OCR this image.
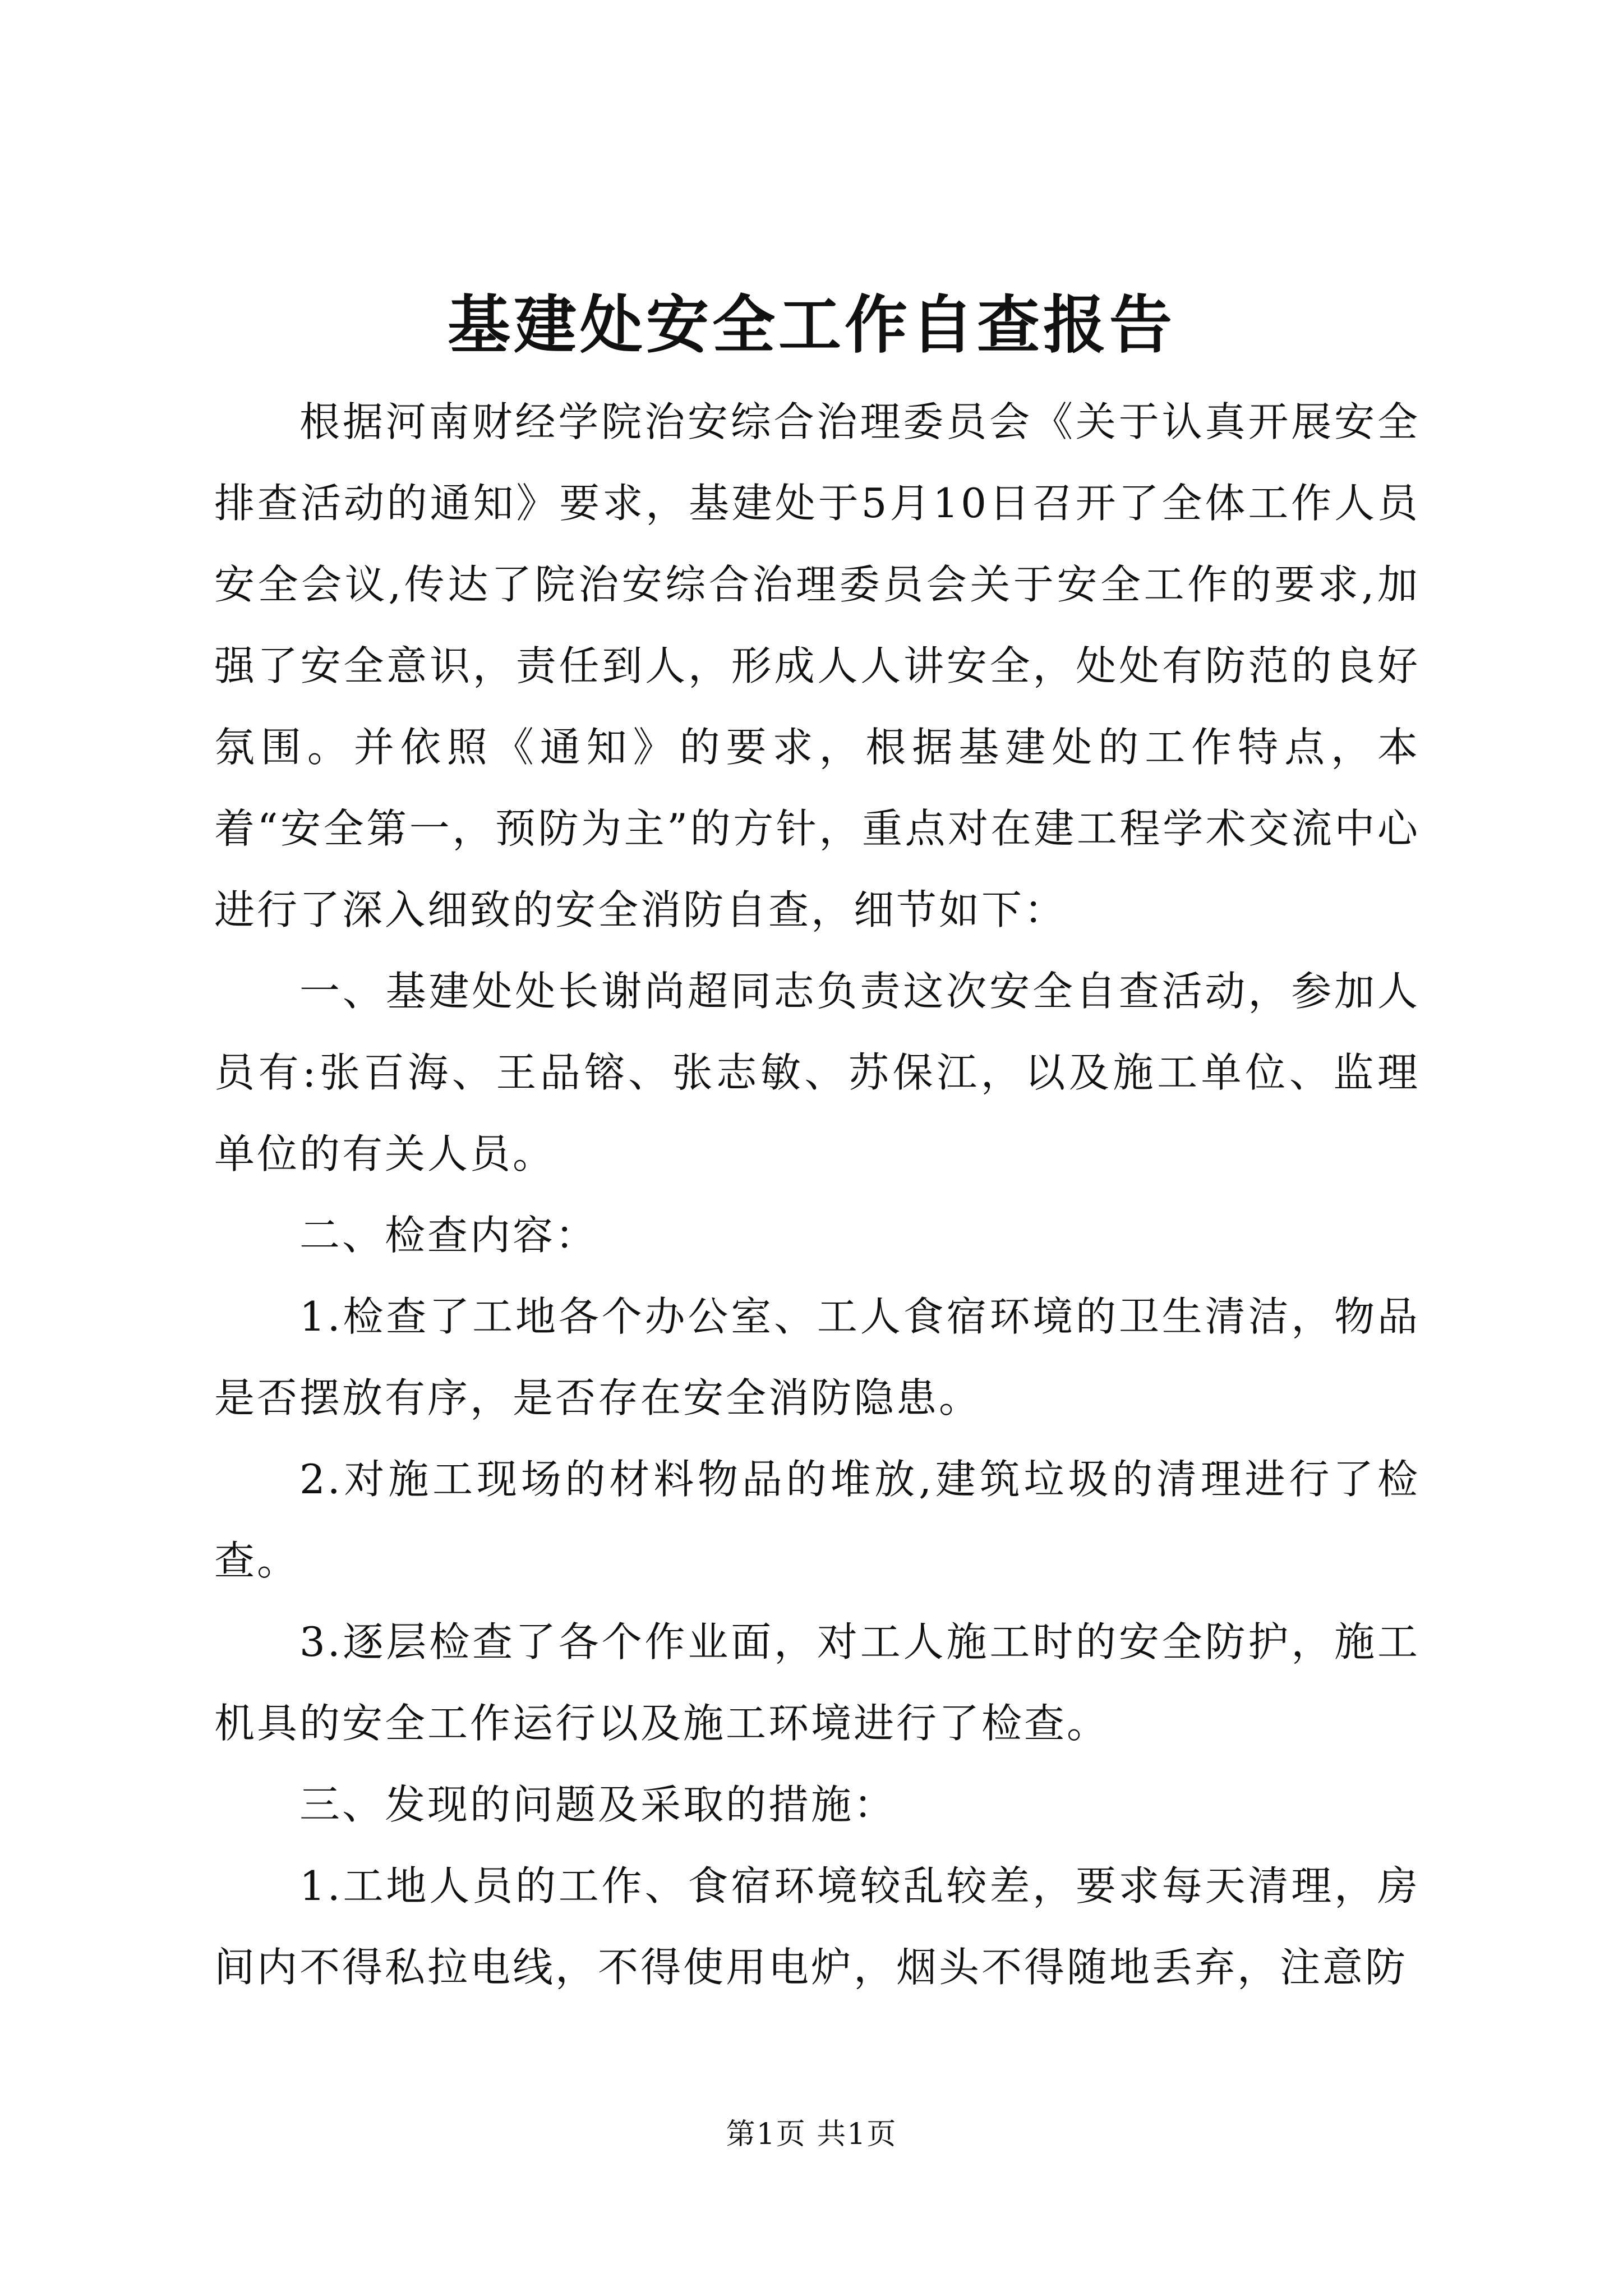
基建处安全工作自查报告

根据河南财经学院治安综合治理委员会《关于认真开展安全排查活动的通知》要求，基建处于5月10日召开了全体工作人员安全会议,传达了院治安综合治理委员会关于安全工作的要求,加强了安全意识，责任到人，形成人人讲安全，处处有防范的良好氛围。并依照《通知》的要求，根据基建处的工作特点，本着“安全第一，预防为主”的方针，重点对在建工程学术交流中心进行了深入细致的安全消防自查，细节如下：

一、基建处处长谢尚超同志负责这次安全自查活动，参加人员有:张百海、王品镕、张志敏、苏保江，以及施工单位、监理单位的有关人员。

二、检查内容：

1.检查了工地各个办公室、工人食宿环境的卫生清洁，物品是否摆放有序，是否存在安全消防隐患。

2.对施工现场的材料物品的堆放,建筑垃圾的清理进行了检查。

3.逐层检查了各个作业面，对工人施工时的安全防护，施工机具的安全工作运行以及施工环境进行了检查。

三、发现的问题及采取的措施：

1.工地人员的工作、食宿环境较乱较差，要求每天清理，房间内不得私拉电线，不得使用电炉，烟头不得随地丢弃，注意防

第1页 共1页
